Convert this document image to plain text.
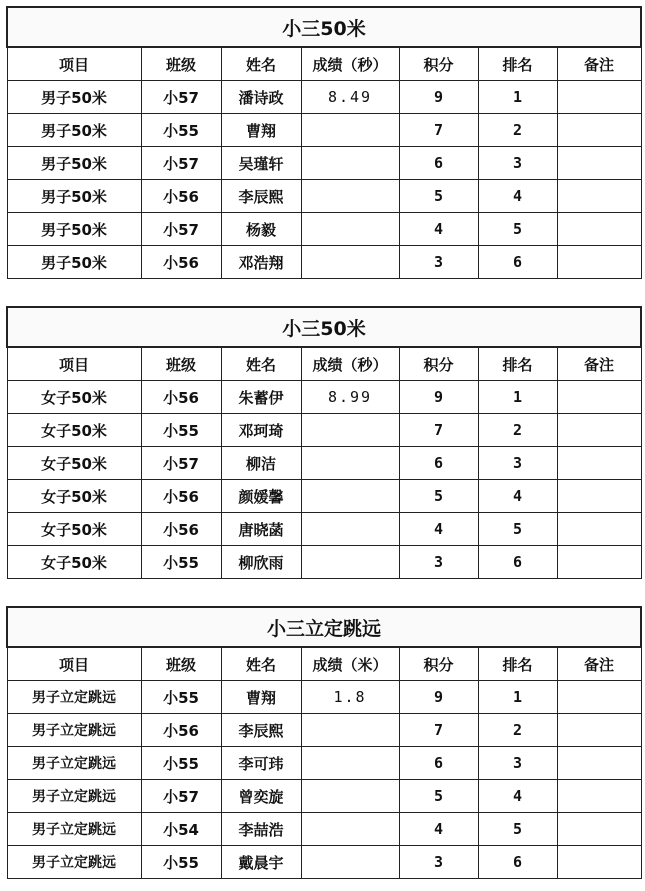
小三50米						
项目	班级	姓名	成绩（秒）	积分	排名	备注
男子50米	小57	潘诗政	8.49	9	1	
男子50米	小55	曹翔		7	2	
男子50米	小57	吴瑾轩		6	3	
男子50米	小56	李辰熙		5	4	
男子50米	小57	杨毅		4	5	
男子50米	小56	邓浩翔		3	6	
小三50米						
项目	班级	姓名	成绩（秒）	积分	排名	备注
女子50米	小56	朱蓄伊	8.99	9	1	
女子50米	小55	邓珂琦		7	2	
女子50米	小57	柳洁		6	3	
女子50米	小56	颜媛馨		5	4	
女子50米	小56	唐晓菡		4	5	
女子50米	小55	柳欣雨		3	6	
小三立定跳远						
项目	班级	姓名	成绩（米）	积分	排名	备注
男子立定跳远	小55	曹翔	1.8	9	1	
男子立定跳远	小56	李辰熙		7	2	
男子立定跳远	小55	李可玮		6	3	
男子立定跳远	小57	曾奕旋		5	4	
男子立定跳远	小54	李喆浩		4	5	
男子立定跳远	小55	戴晨宇		3	6	
